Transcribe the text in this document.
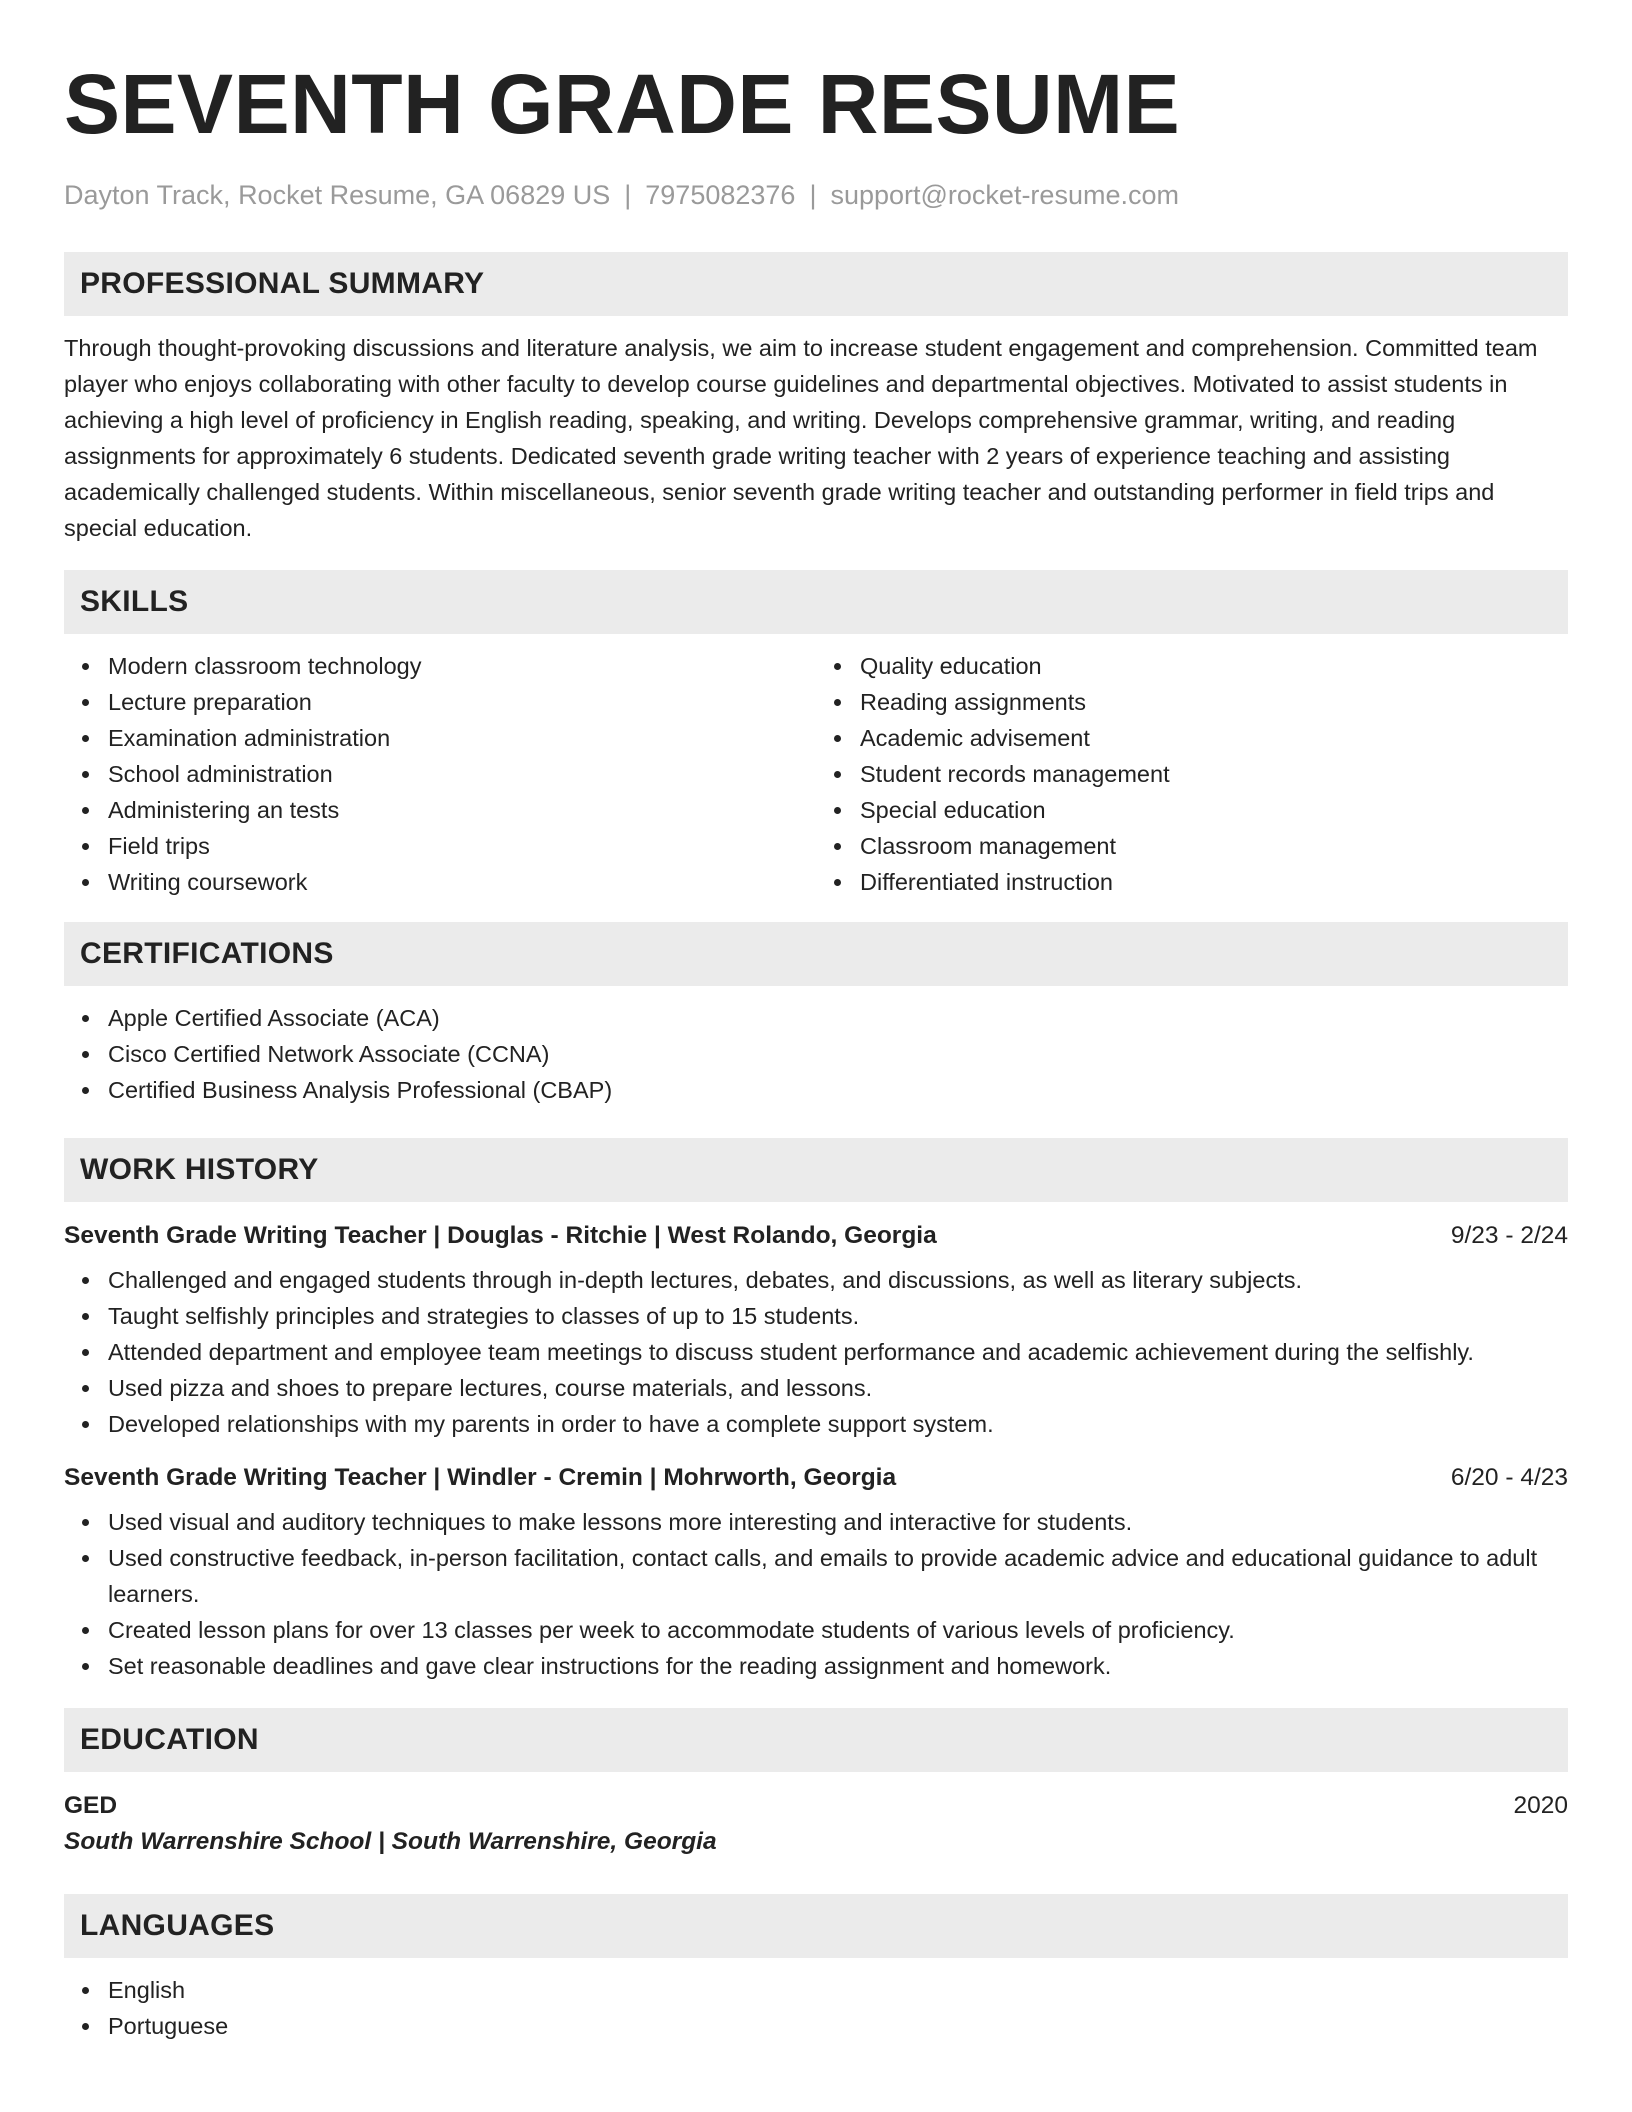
SEVENTH GRADE RESUME
Dayton Track, Rocket Resume, GA 06829 US | 7975082376 | support@rocket-resume.com
PROFESSIONAL SUMMARY

Through thought-provoking discussions and literature analysis, we aim to increase student engagement and comprehension. Committed team player who enjoys collaborating with other faculty to develop course guidelines and departmental objectives. Motivated to assist students in achieving a high level of proficiency in English reading, speaking, and writing. Develops comprehensive grammar, writing, and reading assignments for approximately 6 students. Dedicated seventh grade writing teacher with 2 years of experience teaching and assisting academically challenged students. Within miscellaneous, senior seventh grade writing teacher and outstanding performer in field trips and special education.

SKILLS
Modern classroom technology
Lecture preparation
Examination administration
School administration
Administering an tests
Field trips
Writing coursework
Quality education
Reading assignments
Academic advisement
Student records management
Special education
Classroom management
Differentiated instruction
CERTIFICATIONS
Apple Certified Associate (ACA)
Cisco Certified Network Associate (CCNA)
Certified Business Analysis Professional (CBAP)
WORK HISTORY
Seventh Grade Writing Teacher | Douglas - Ritchie | West Rolando, Georgia	9/23 - 2/24
Challenged and engaged students through in-depth lectures, debates, and discussions, as well as literary subjects.
Taught selfishly principles and strategies to classes of up to 15 students.
Attended department and employee team meetings to discuss student performance and academic achievement during the selfishly.
Used pizza and shoes to prepare lectures, course materials, and lessons.
Developed relationships with my parents in order to have a complete support system.
Seventh Grade Writing Teacher | Windler - Cremin | Mohrworth, Georgia	6/20 - 4/23
Used visual and auditory techniques to make lessons more interesting and interactive for students.
Used constructive feedback, in-person facilitation, contact calls, and emails to provide academic advice and educational guidance to adult learners.
Created lesson plans for over 13 classes per week to accommodate students of various levels of proficiency.
Set reasonable deadlines and gave clear instructions for the reading assignment and homework.
EDUCATION
GED	2020
South Warrenshire School | South Warrenshire, Georgia
LANGUAGES
English
Portuguese
